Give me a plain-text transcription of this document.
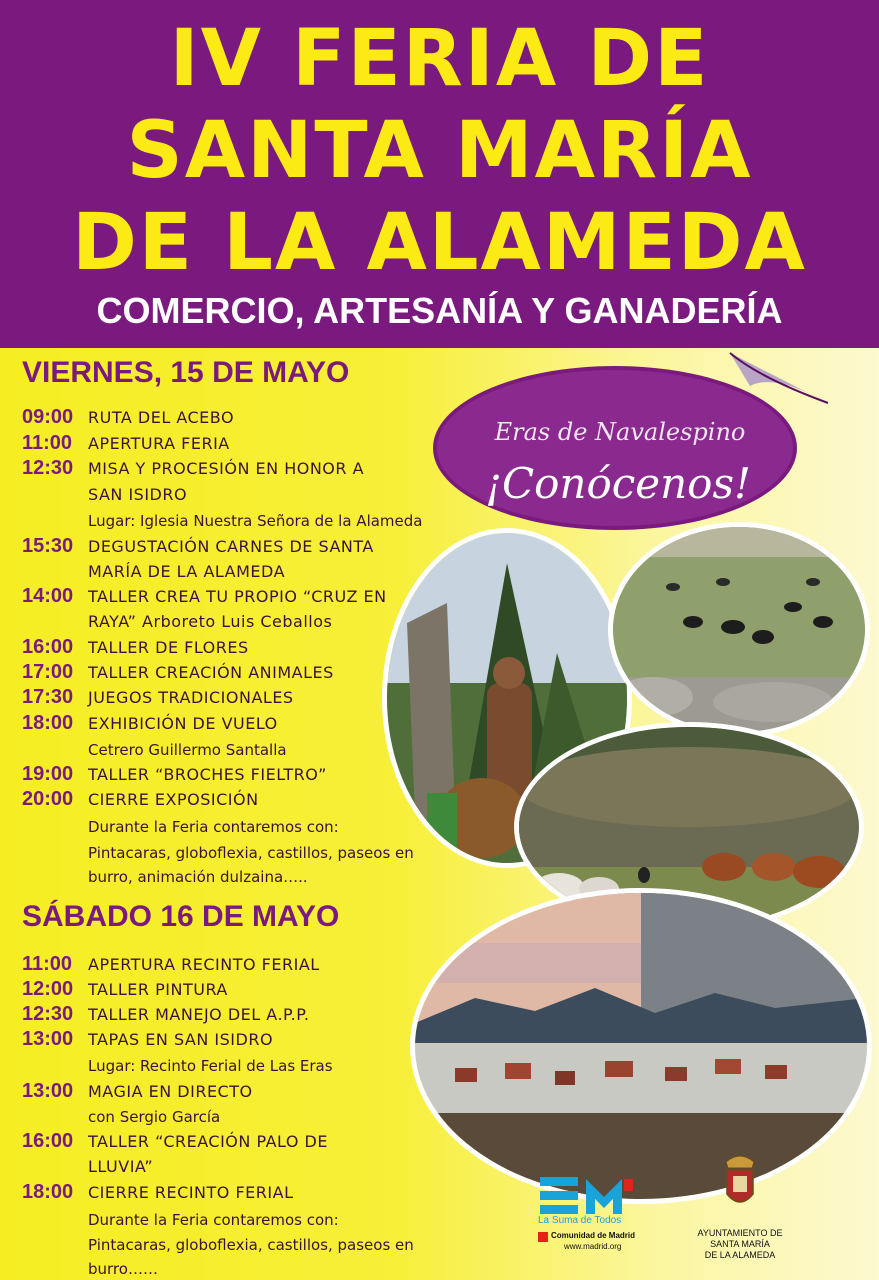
IV FERIA DE
SANTA MARÍA
DE LA ALAMEDA
COMERCIO, ARTESANÍA Y GANADERÍA
Eras de Navalespino
¡Conócenos!
VIERNES, 15 DE MAYO
09:00 RUTA DEL ACEBO
11:00 APERTURA FERIA
12:30 MISA Y PROCESIÓN EN HONOR A
SAN ISIDRO
Lugar: Iglesia Nuestra Señora de la Alameda
15:30 DEGUSTACIÓN CARNES DE SANTA
MARÍA DE LA ALAMEDA
14:00 TALLER CREA TU PROPIO “CRUZ EN
RAYA” Arboreto Luis Ceballos
16:00 TALLER DE FLORES
17:00 TALLER CREACIÓN ANIMALES
17:30 JUEGOS TRADICIONALES
18:00 EXHIBICIÓN DE VUELO
Cetrero Guillermo Santalla
19:00 TALLER “BROCHES FIELTRO”
20:00 CIERRE EXPOSICIÓN
Durante la Feria contaremos con:
Pintacaras, globoflexia, castillos, paseos en
burro, animación dulzaina…..
SÁBADO 16 DE MAYO
11:00 APERTURA RECINTO FERIAL
12:00 TALLER PINTURA
12:30 TALLER MANEJO DEL A.P.P.
13:00 TAPAS EN SAN ISIDRO
Lugar: Recinto Ferial de Las Eras
13:00 MAGIA EN DIRECTO
con Sergio García
16:00 TALLER “CREACIÓN PALO DE
LLUVIA”
18:00 CIERRE RECINTO FERIAL
Durante la Feria contaremos con:
Pintacaras, globoflexia, castillos, paseos en
burro……
La Suma de Todos
Comunidad de Madrid
www.madrid.org
AYUNTAMIENTO DE
SANTA MARÍA
DE LA ALAMEDA
